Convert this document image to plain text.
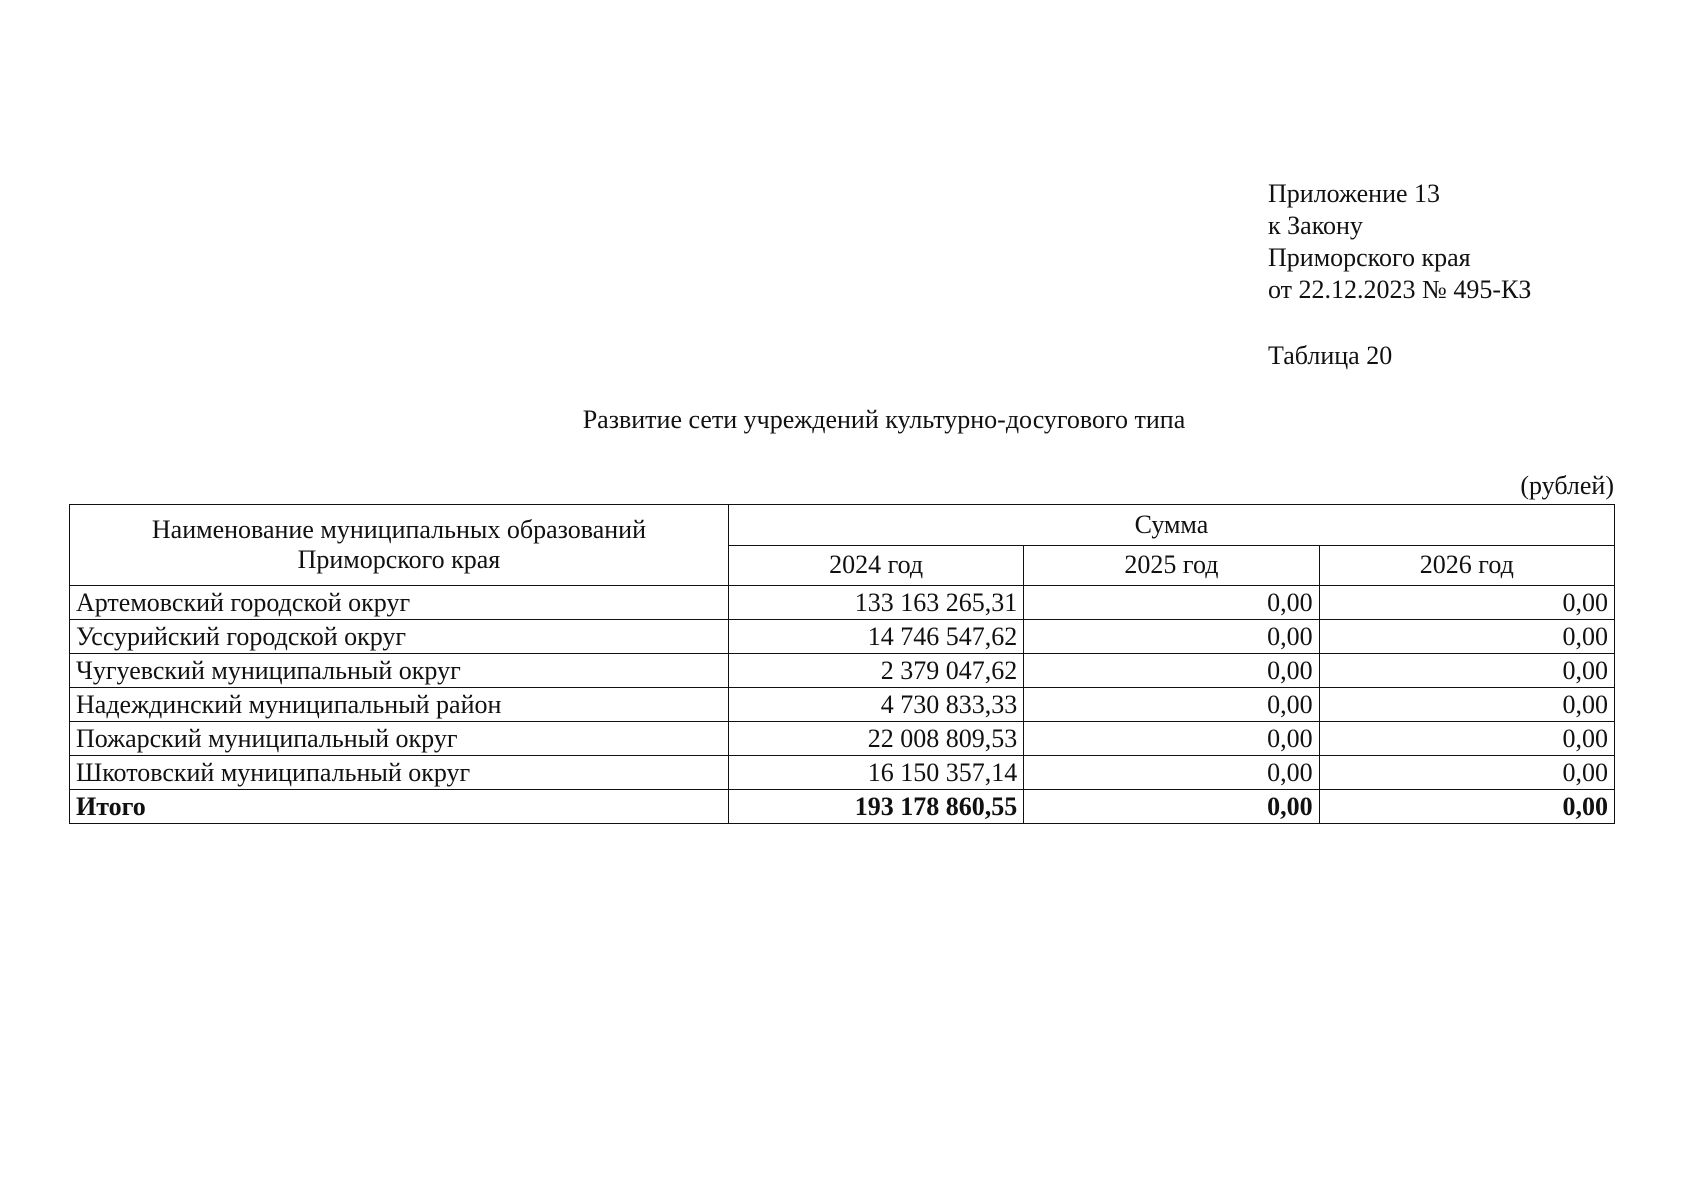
Приложение 13
к Закону
Приморского края
от 22.12.2023 № 495-КЗ
Таблица 20
Развитие сети учреждений культурно-досугового типа
(рублей)
Наименование муниципальных образований
Приморского края	Сумма		
	2024 год	2025 год	2026 год
Артемовский городской округ	133 163 265,31	0,00	0,00
Уссурийский городской округ	14 746 547,62	0,00	0,00
Чугуевский муниципальный округ	2 379 047,62	0,00	0,00
Надеждинский муниципальный район	4 730 833,33	0,00	0,00
Пожарский муниципальный округ	22 008 809,53	0,00	0,00
Шкотовский муниципальный округ	16 150 357,14	0,00	0,00
Итого	193 178 860,55	0,00	0,00
